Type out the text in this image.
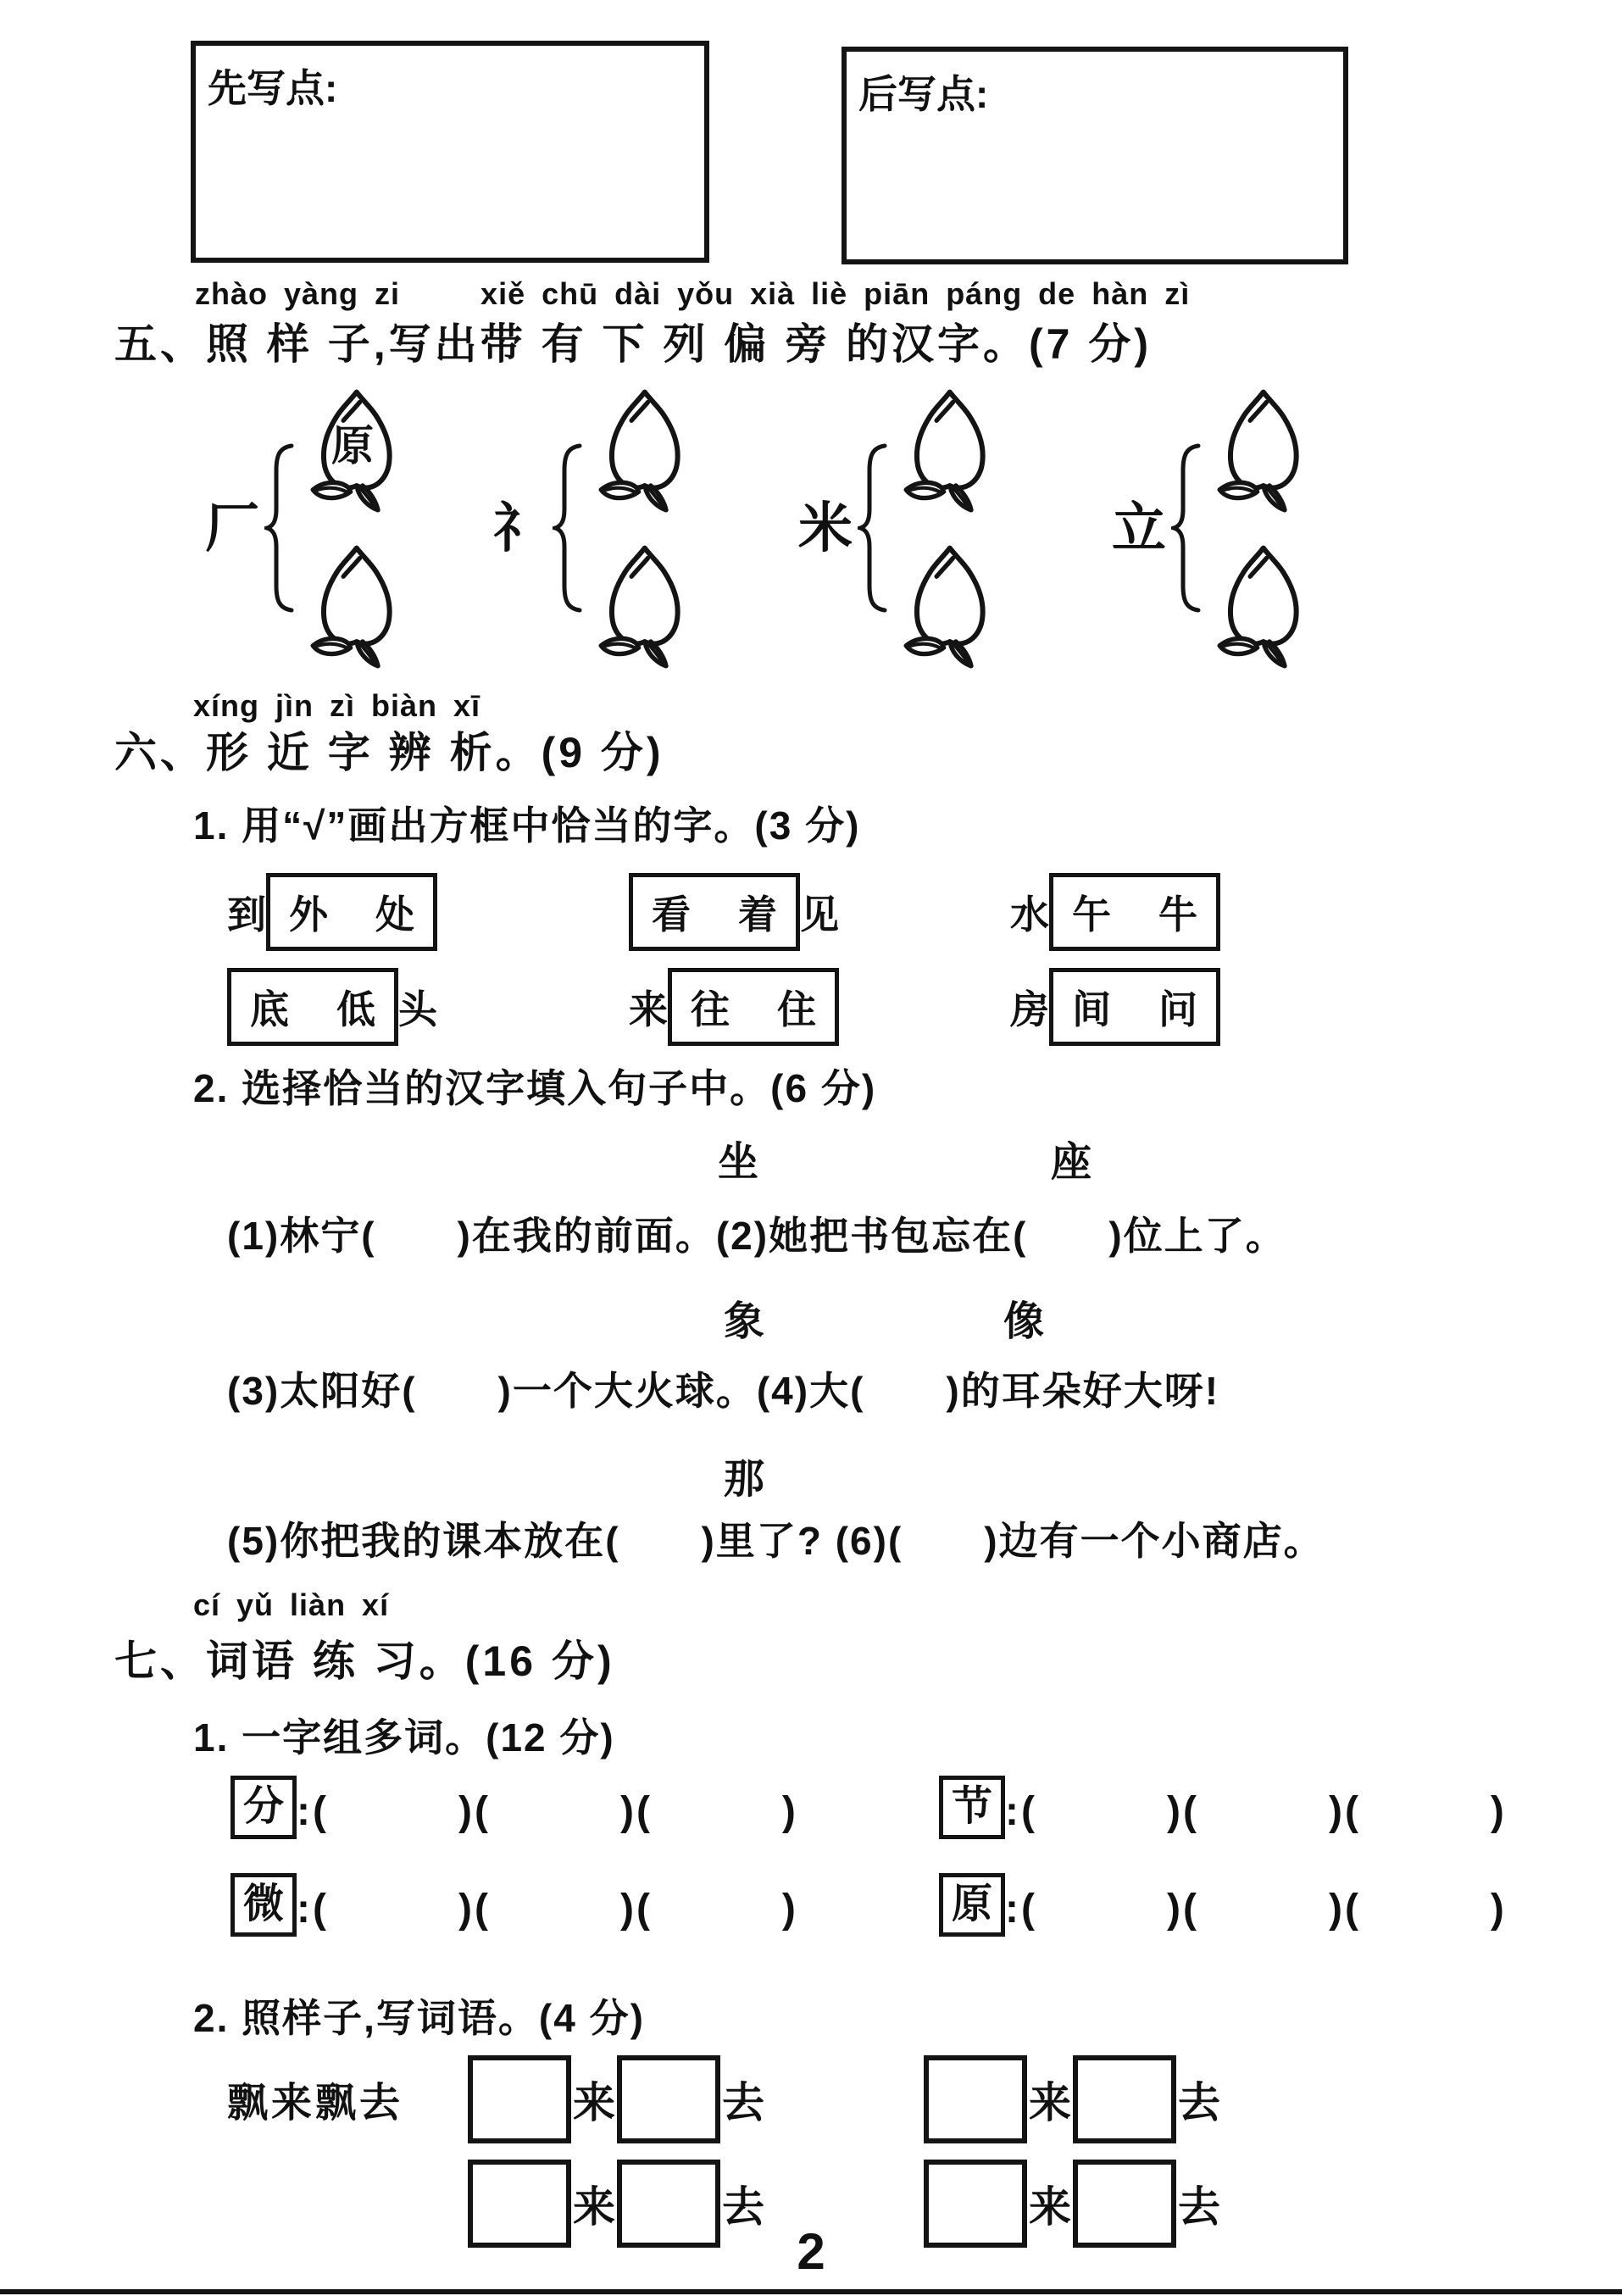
先写点:	后写点:
zhào yàng zi     xiě chū dài yǒu xià liè piān páng de hàn zì
五、照 样 子,写出带 有 下 列 偏 旁 的汉字。(7 分)
厂
原
礻	米	立
xíng jìn zì biàn xī
六、形 近 字 辨 析。(9 分)
1. 用“√”画出方框中恰当的字。(3 分)
到 外 处	看 着 见	水 午 牛
底 低 头	来 往 住	房 间 问
2. 选择恰当的汉字填入句子中。(6 分)
坐	座
(1)林宁(　　)在我的前面。(2)她把书包忘在(　　)位上了。
象	像
(3)太阳好(　　)一个大火球。(4)大(　　)的耳朵好大呀!
那
(5)你把我的课本放在(　　)里了? (6)(　　)边有一个小商店。
cí yǔ liàn xí
七、词语 练 习。(16 分)
1. 一字组多词。(12 分)
分 :(　　　)(　　　)(　　　)	节 :(　　　)(　　　)(　　　)
微 :(　　　)(　　　)(　　　)	原 :(　　　)(　　　)(　　　)
2. 照样子,写词语。(4 分)
飘来飘去	来	去	来	去
来	去	来	去
2
